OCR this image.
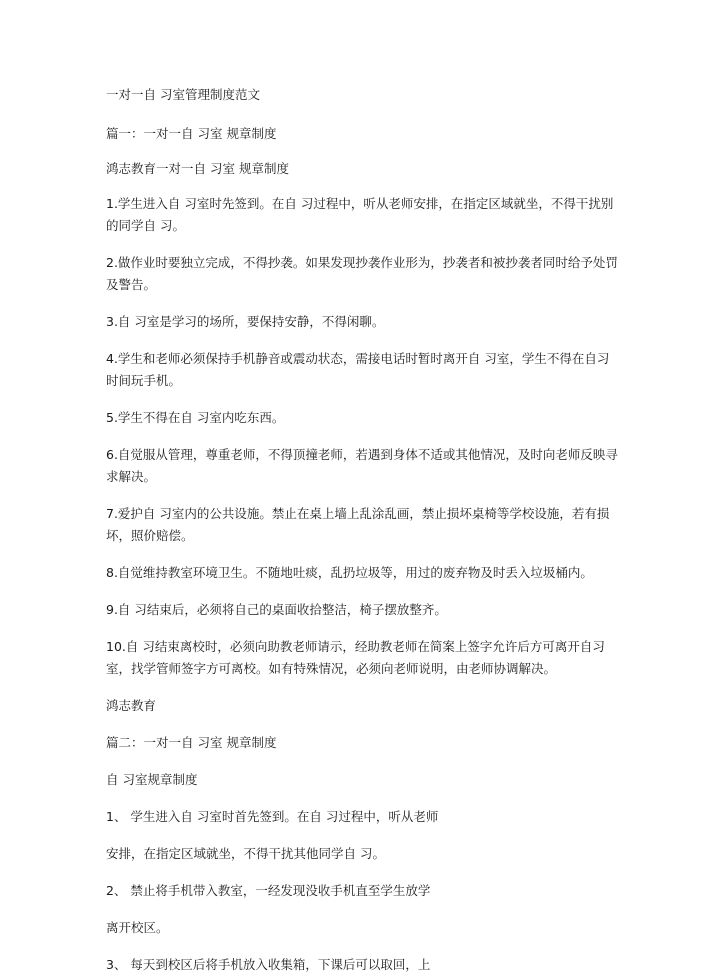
一对一自 习室管理制度范文
篇一：一对一自 习室 规章制度
鸿志教育一对一自 习室 规章制度
1.学生进入自 习室时先签到。在自 习过程中，听从老师安排，在指定区域就坐，不得干扰别的同学自 习。
2.做作业时要独立完成，不得抄袭。如果发现抄袭作业形为，抄袭者和被抄袭者同时给予处罚及警告。
3.自 习室是学习的场所，要保持安静，不得闲聊。
4.学生和老师必须保持手机静音或震动状态，需接电话时暂时离开自 习室，学生不得在自习时间玩手机。
5.学生不得在自 习室内吃东西。
6.自觉服从管理，尊重老师，不得顶撞老师，若遇到身体不适或其他情况，及时向老师反映寻求解决。
7.爱护自 习室内的公共设施。禁止在桌上墙上乱涂乱画，禁止损坏桌椅等学校设施，若有损坏，照价赔偿。
8.自觉维持教室环境卫生。不随地吐痰，乱扔垃圾等，用过的废弃物及时丢入垃圾桶内。
9.自 习结束后，必须将自己的桌面收拾整洁，椅子摆放整齐。
10.自 习结束离校时，必须向助教老师请示，经助教老师在简案上签字允许后方可离开自习室，找学管师签字方可离校。如有特殊情况，必须向老师说明，由老师协调解决。
鸿志教育
篇二：一对一自 习室 规章制度
自 习室规章制度
1、 学生进入自 习室时首先签到。在自 习过程中，听从老师
安排，在指定区域就坐，不得干扰其他同学自 习。
2、 禁止将手机带入教室，一经发现没收手机直至学生放学
离开校区。
3、 每天到校区后将手机放入收集箱，下课后可以取回，上
